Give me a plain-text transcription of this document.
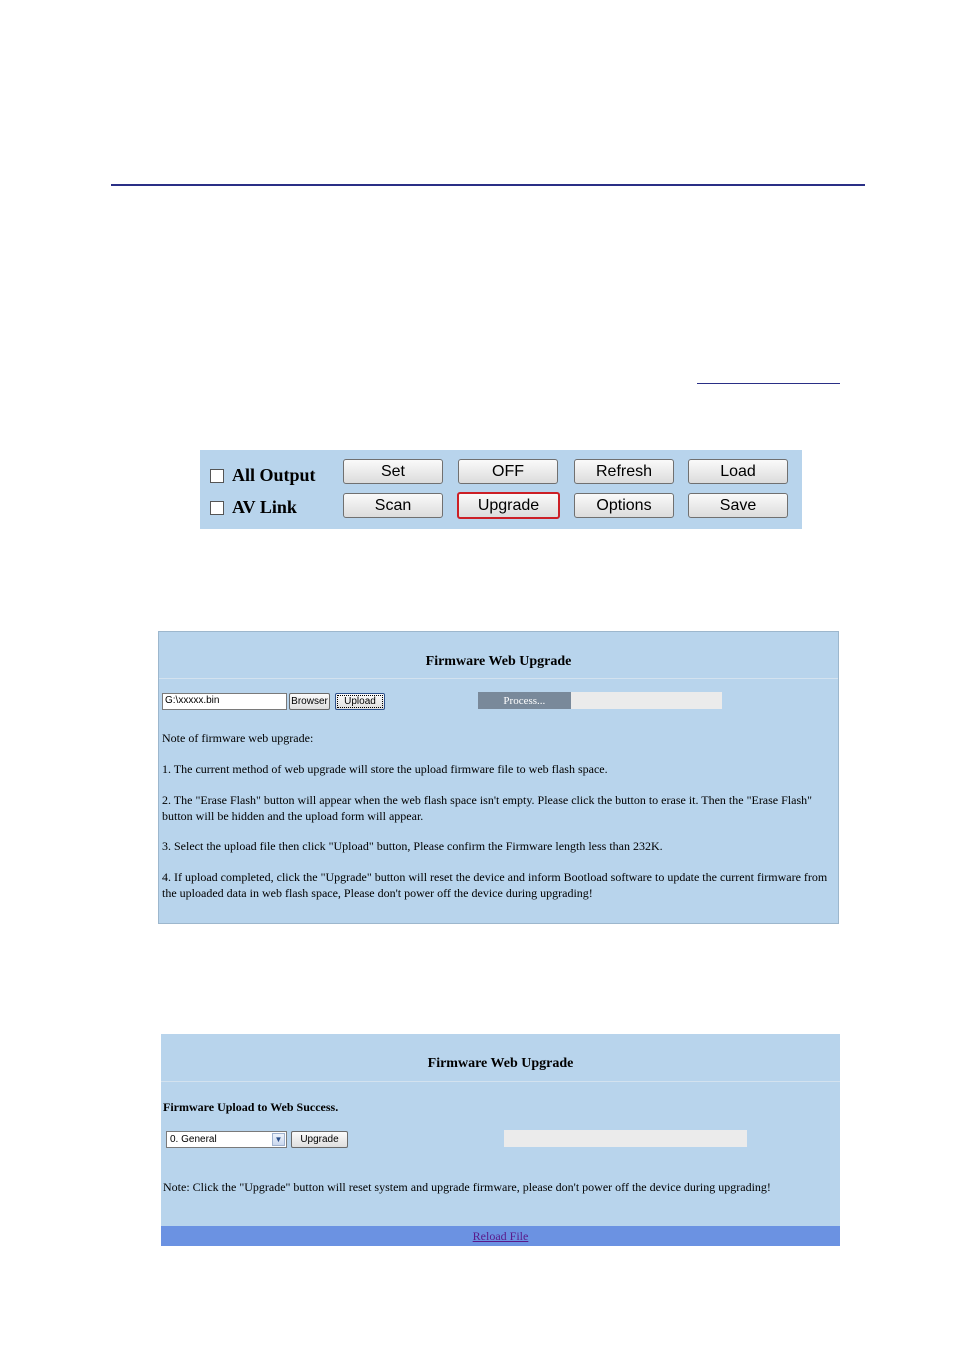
All Output
AV Link
Set	OFF	Refresh	Load
Scan	Upgrade	Options	Save
Firmware Web Upgrade
G:\xxxxx.bin	Browser	Upload	Process...
Note of firmware web upgrade:
1. The current method of web upgrade will store the upload firmware file to web flash space.
2. The "Erase Flash" button will appear when the web flash space isn't empty. Please click the button to erase it. Then the "Erase Flash" button will be hidden and the upload form will appear.
3. Select the upload file then click "Upload" button, Please confirm the Firmware length less than 232K.
4. If upload completed, click the "Upgrade" button will reset the device and inform Bootload software to update the current firmware from the uploaded data in web flash space, Please don't power off the device during upgrading!
Firmware Web Upgrade
Firmware Upload to Web Success.
0. General	▼	Upgrade
Note: Click the "Upgrade" button will reset system and upgrade firmware, please don't power off the device during upgrading!
Reload File
